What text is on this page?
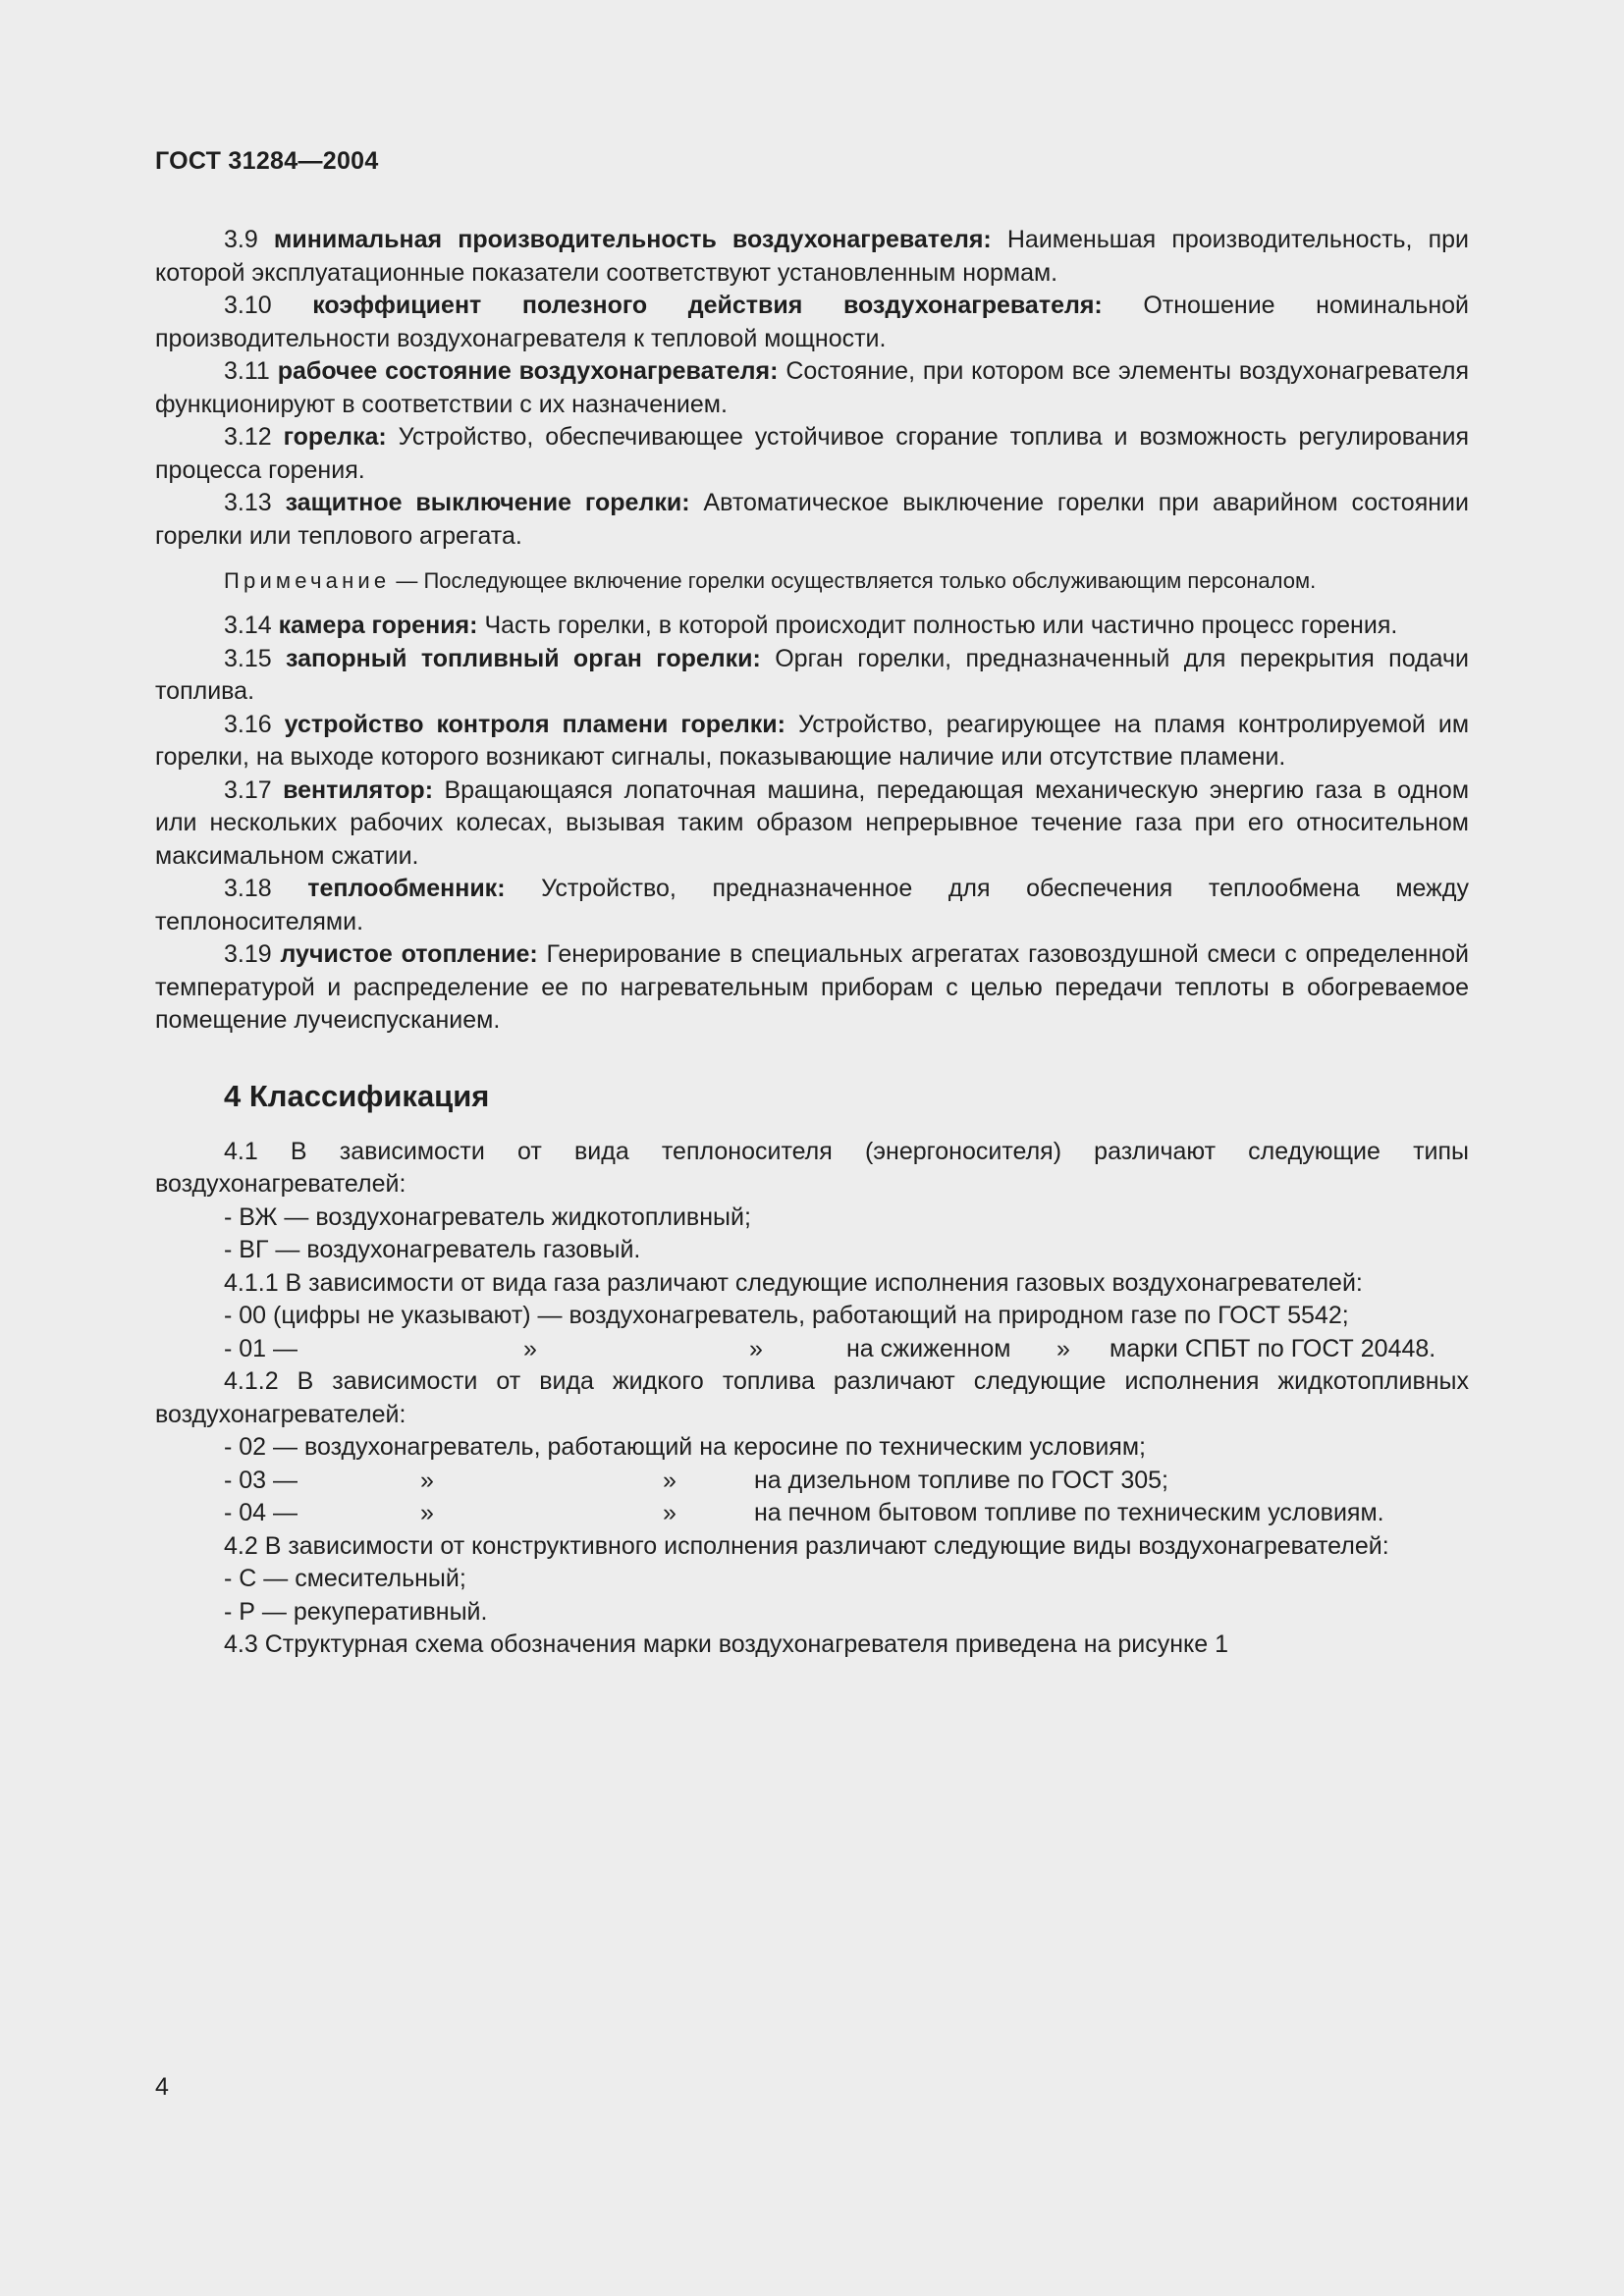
ГОСТ 31284—2004

3.9 минимальная производительность воздухонагревателя: Наименьшая производительность, при которой эксплуатационные показатели соответствуют установленным нормам.

3.10 коэффициент полезного действия воздухонагревателя: Отношение номинальной производительности воздухонагревателя к тепловой мощности.

3.11 рабочее состояние воздухонагревателя: Состояние, при котором все элементы воздухонагревателя функционируют в соответствии с их назначением.

3.12 горелка: Устройство, обеспечивающее устойчивое сгорание топлива и возможность регулирования процесса горения.

3.13 защитное выключение горелки: Автоматическое выключение горелки при аварийном состоянии горелки или теплового агрегата.

Примечание — Последующее включение горелки осуществляется только обслуживающим персоналом.

3.14 камера горения: Часть горелки, в которой происходит полностью или частично процесс горения.

3.15 запорный топливный орган горелки: Орган горелки, предназначенный для перекрытия подачи топлива.

3.16 устройство контроля пламени горелки: Устройство, реагирующее на пламя контролируемой им горелки, на выходе которого возникают сигналы, показывающие наличие или отсутствие пламени.

3.17 вентилятор: Вращающаяся лопаточная машина, передающая механическую энергию газа в одном или нескольких рабочих колесах, вызывая таким образом непрерывное течение газа при его относительном максимальном сжатии.

3.18 теплообменник: Устройство, предназначенное для обеспечения теплообмена между теплоносителями.

3.19 лучистое отопление: Генерирование в специальных агрегатах газовоздушной смеси с определенной температурой и распределение ее по нагревательным приборам с целью передачи теплоты в обогреваемое помещение лучеиспусканием.

4 Классификация

4.1 В зависимости от вида теплоносителя (энергоносителя) различают следующие типы воздухонагревателей:

- ВЖ — воздухонагреватель жидкотопливный;

- ВГ — воздухонагреватель газовый.

4.1.1 В зависимости от вида газа различают следующие исполнения газовых воздухонагревателей:

- 00 (цифры не указывают) — воздухонагреватель, работающий на природном газе по ГОСТ 5542;

- 01 —	»	»	на сжиженном » марки СПБТ по ГОСТ 20448.

4.1.2 В зависимости от вида жидкого топлива различают следующие исполнения жидкотопливных воздухонагревателей:

- 02 — воздухонагреватель, работающий на керосине по техническим условиям;

- 03 —	»	»	на дизельном топливе по ГОСТ 305;
- 04 —	»	»	на печном бытовом топливе по техническим условиям.

4.2 В зависимости от конструктивного исполнения различают следующие виды воздухонагревателей:

- С — смесительный;

- Р — рекуперативный.

4.3 Структурная схема обозначения марки воздухонагревателя приведена на рисунке 1

4
